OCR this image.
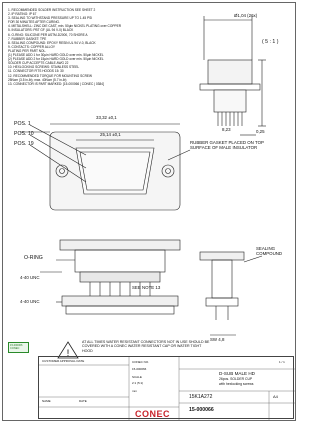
1. RECOMMENDED SOLDER INSTRUCTION SEE SHEET 2
2. IP RATING: IP 67
3. SEALING TO WITHSTAND PRESSURE UP TO 1.45 PSI
FOR 30 MINUTES AFTER CURING.
4. METALSHELL: ZINC DIE CAST, min. 50µin NICKEL PLATING over COPPER
5. INSULATORS: PBT GF (UL 94 V-0) BLACK
6. O-RING: SILICONE PER ASTM-D2000, 70 SHORE A
7. RUBBER GASKET: TPE
8. SEALING COMPOUND: EPOXY RESIN UL 94 V-0, BLACK
9. CONTACTS: COPPER ALLOY
PLATING PER PART NOL.
(1) PLEASE ADD 1 for 30µin HARD GOLD over min. 50µin NICKEL
(2) PLEASE ADD 2 for 15µin HARD GOLD over min. 50µin NICKEL
SOLDER CUP ACCEPTS CABLE AWG 22
10. HEXLOCKING SCREWS: STAINLESS STEEL
11. CONNECTOR FITS HOODS 15: 30
12. RECOMMENDED TORQUE FOR MOUNTING SCREW
25Ncm (3.5 in-lb); max. 40Ncm (5.7 in-lb)
13. CONNECTOR IS PART MARKED: [15-000066 | CONEC | 0384]
!
Ø1,04 (26x)
( 5 : 1 )
8,23	0,25
POS. 1
POS. 10
POS. 19
33,32 ±0,1
25,14 ±0,1
RUBBER GASKET PLACED ON TOP SURFACE OF MALE INSULATOR
O-RING
4-40 UNC
4-40 UNC
SEE NOTE 13
SEALING COMPOUND
SW 4,8
15-000066
CONEC
AT ALL TIMES WATER RESISTANT CONNECTORS NOT IN USE SHOULD BE COVERED WITH A CONEC WATER RESISTANT CAP OR WATER TIGHT HOOD
CUSTOMER APPROVAL DATE
NAME	DATE
CONEC NO.
15-000066
SCALE
2:1 (5:1)
mm
1 / 1
D-SUB MALE HD
26pos. SOLDER CUP
with hexlocking screws
15K1A272	A4
15-000066
CONEC
